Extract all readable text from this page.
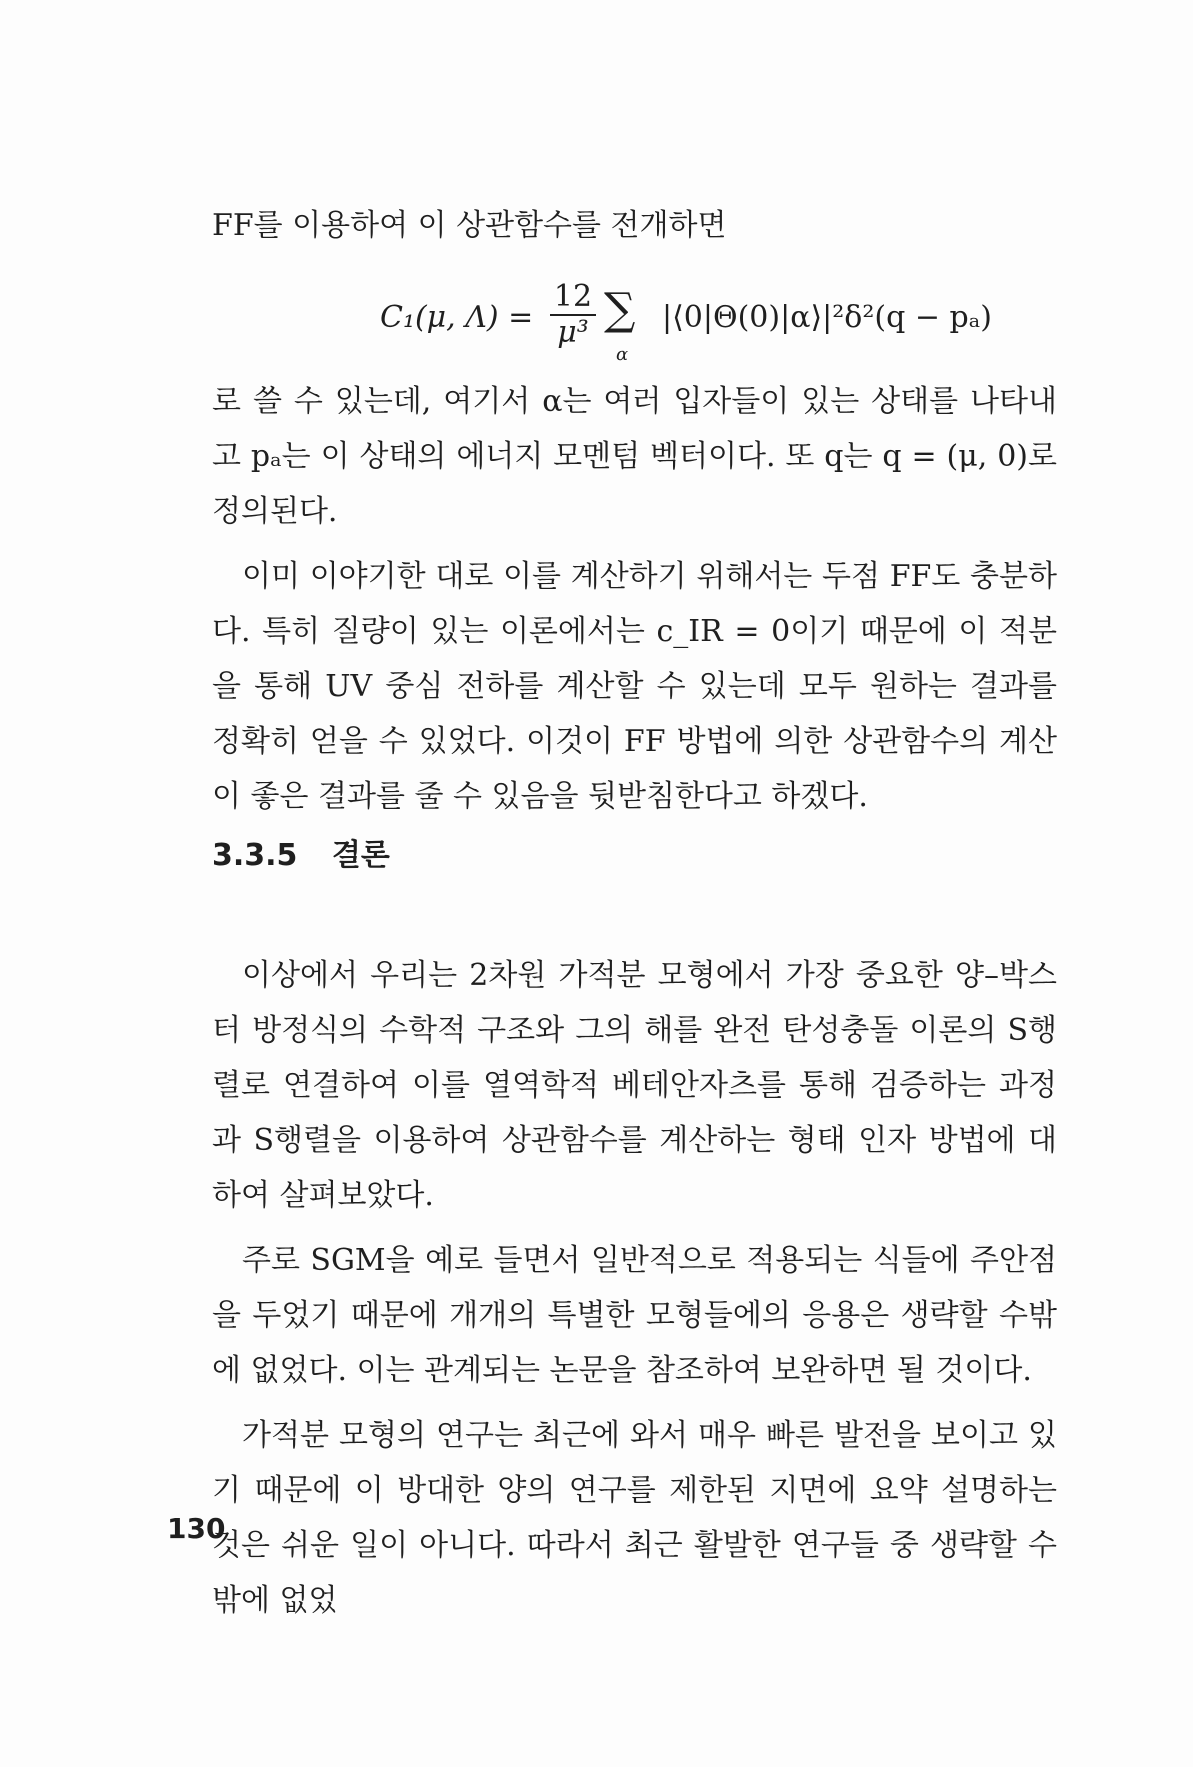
FF를 이용하여 이 상관함수를 전개하면

C₁(μ, Λ) =
12
μ³ ∑
α
|⟨0|Θ(0)|α⟩|²δ²(q − pₐ)

로 쓸 수 있는데, 여기서 α는 여러 입자들이 있는 상태를 나타내고 pₐ는 이 상태의 에너지 모멘텀 벡터이다. 또 q는 q = (μ, 0)로 정의된다.

이미 이야기한 대로 이를 계산하기 위해서는 두점 FF도 충분하다. 특히 질량이 있는 이론에서는 c_IR = 0이기 때문에 이 적분을 통해 UV 중심 전하를 계산할 수 있는데 모두 원하는 결과를 정확히 얻을 수 있었다. 이것이 FF 방법에 의한 상관함수의 계산이 좋은 결과를 줄 수 있음을 뒷받침한다고 하겠다.

3.3.5 결론

이상에서 우리는 2차원 가적분 모형에서 가장 중요한 양–박스터 방정식의 수학적 구조와 그의 해를 완전 탄성충돌 이론의 S행렬로 연결하여 이를 열역학적 베테안자츠를 통해 검증하는 과정과 S행렬을 이용하여 상관함수를 계산하는 형태 인자 방법에 대하여 살펴보았다.

주로 SGM을 예로 들면서 일반적으로 적용되는 식들에 주안점을 두었기 때문에 개개의 특별한 모형들에의 응용은 생략할 수밖에 없었다. 이는 관계되는 논문을 참조하여 보완하면 될 것이다.

가적분 모형의 연구는 최근에 와서 매우 빠른 발전을 보이고 있기 때문에 이 방대한 양의 연구를 제한된 지면에 요약 설명하는 것은 쉬운 일이 아니다. 따라서 최근 활발한 연구들 중 생략할 수밖에 없었

130
